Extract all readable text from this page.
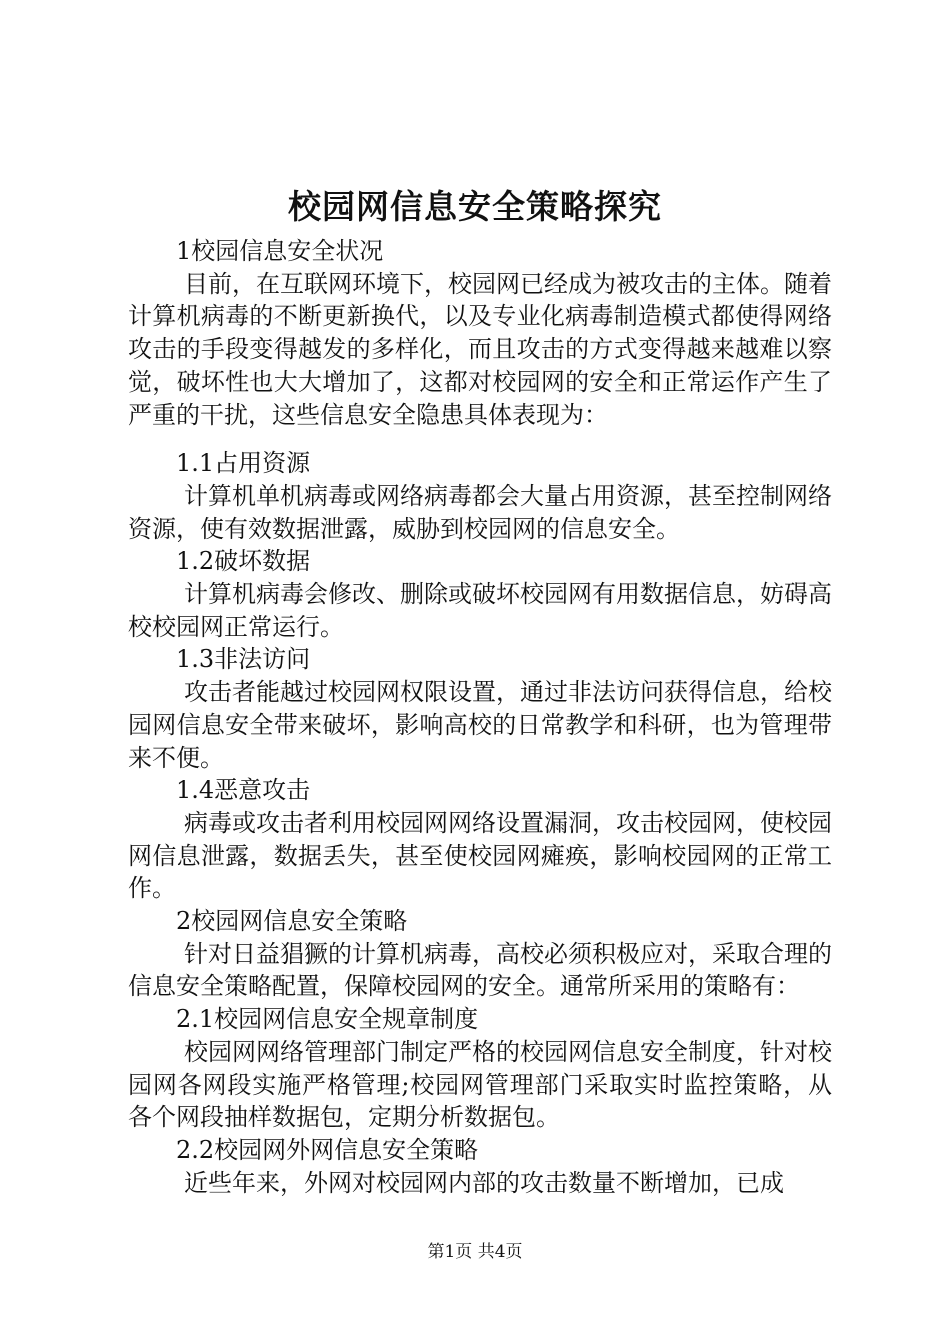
校园网信息安全策略探究

1校园信息安全状况

目前，在互联网环境下，校园网已经成为被攻击的主体。随着计算机病毒的不断更新换代，以及专业化病毒制造模式都使得网络攻击的手段变得越发的多样化，而且攻击的方式变得越来越难以察觉，破坏性也大大增加了，这都对校园网的安全和正常运作产生了严重的干扰，这些信息安全隐患具体表现为：

1.1占用资源

计算机单机病毒或网络病毒都会大量占用资源，甚至控制网络资源，使有效数据泄露，威胁到校园网的信息安全。

1.2破坏数据

计算机病毒会修改、删除或破坏校园网有用数据信息，妨碍高校校园网正常运行。

1.3非法访问

攻击者能越过校园网权限设置，通过非法访问获得信息，给校园网信息安全带来破坏，影响高校的日常教学和科研，也为管理带来不便。

1.4恶意攻击

病毒或攻击者利用校园网网络设置漏洞，攻击校园网，使校园网信息泄露，数据丢失，甚至使校园网瘫痪，影响校园网的正常工作。

2校园网信息安全策略

针对日益猖獗的计算机病毒，高校必须积极应对，采取合理的信息安全策略配置，保障校园网的安全。通常所采用的策略有：

2.1校园网信息安全规章制度

校园网网络管理部门制定严格的校园网信息安全制度，针对校园网各网段实施严格管理;校园网管理部门采取实时监控策略，从各个网段抽样数据包，定期分析数据包。

2.2校园网外网信息安全策略

近些年来，外网对校园网内部的攻击数量不断增加，已成

第1页 共4页
